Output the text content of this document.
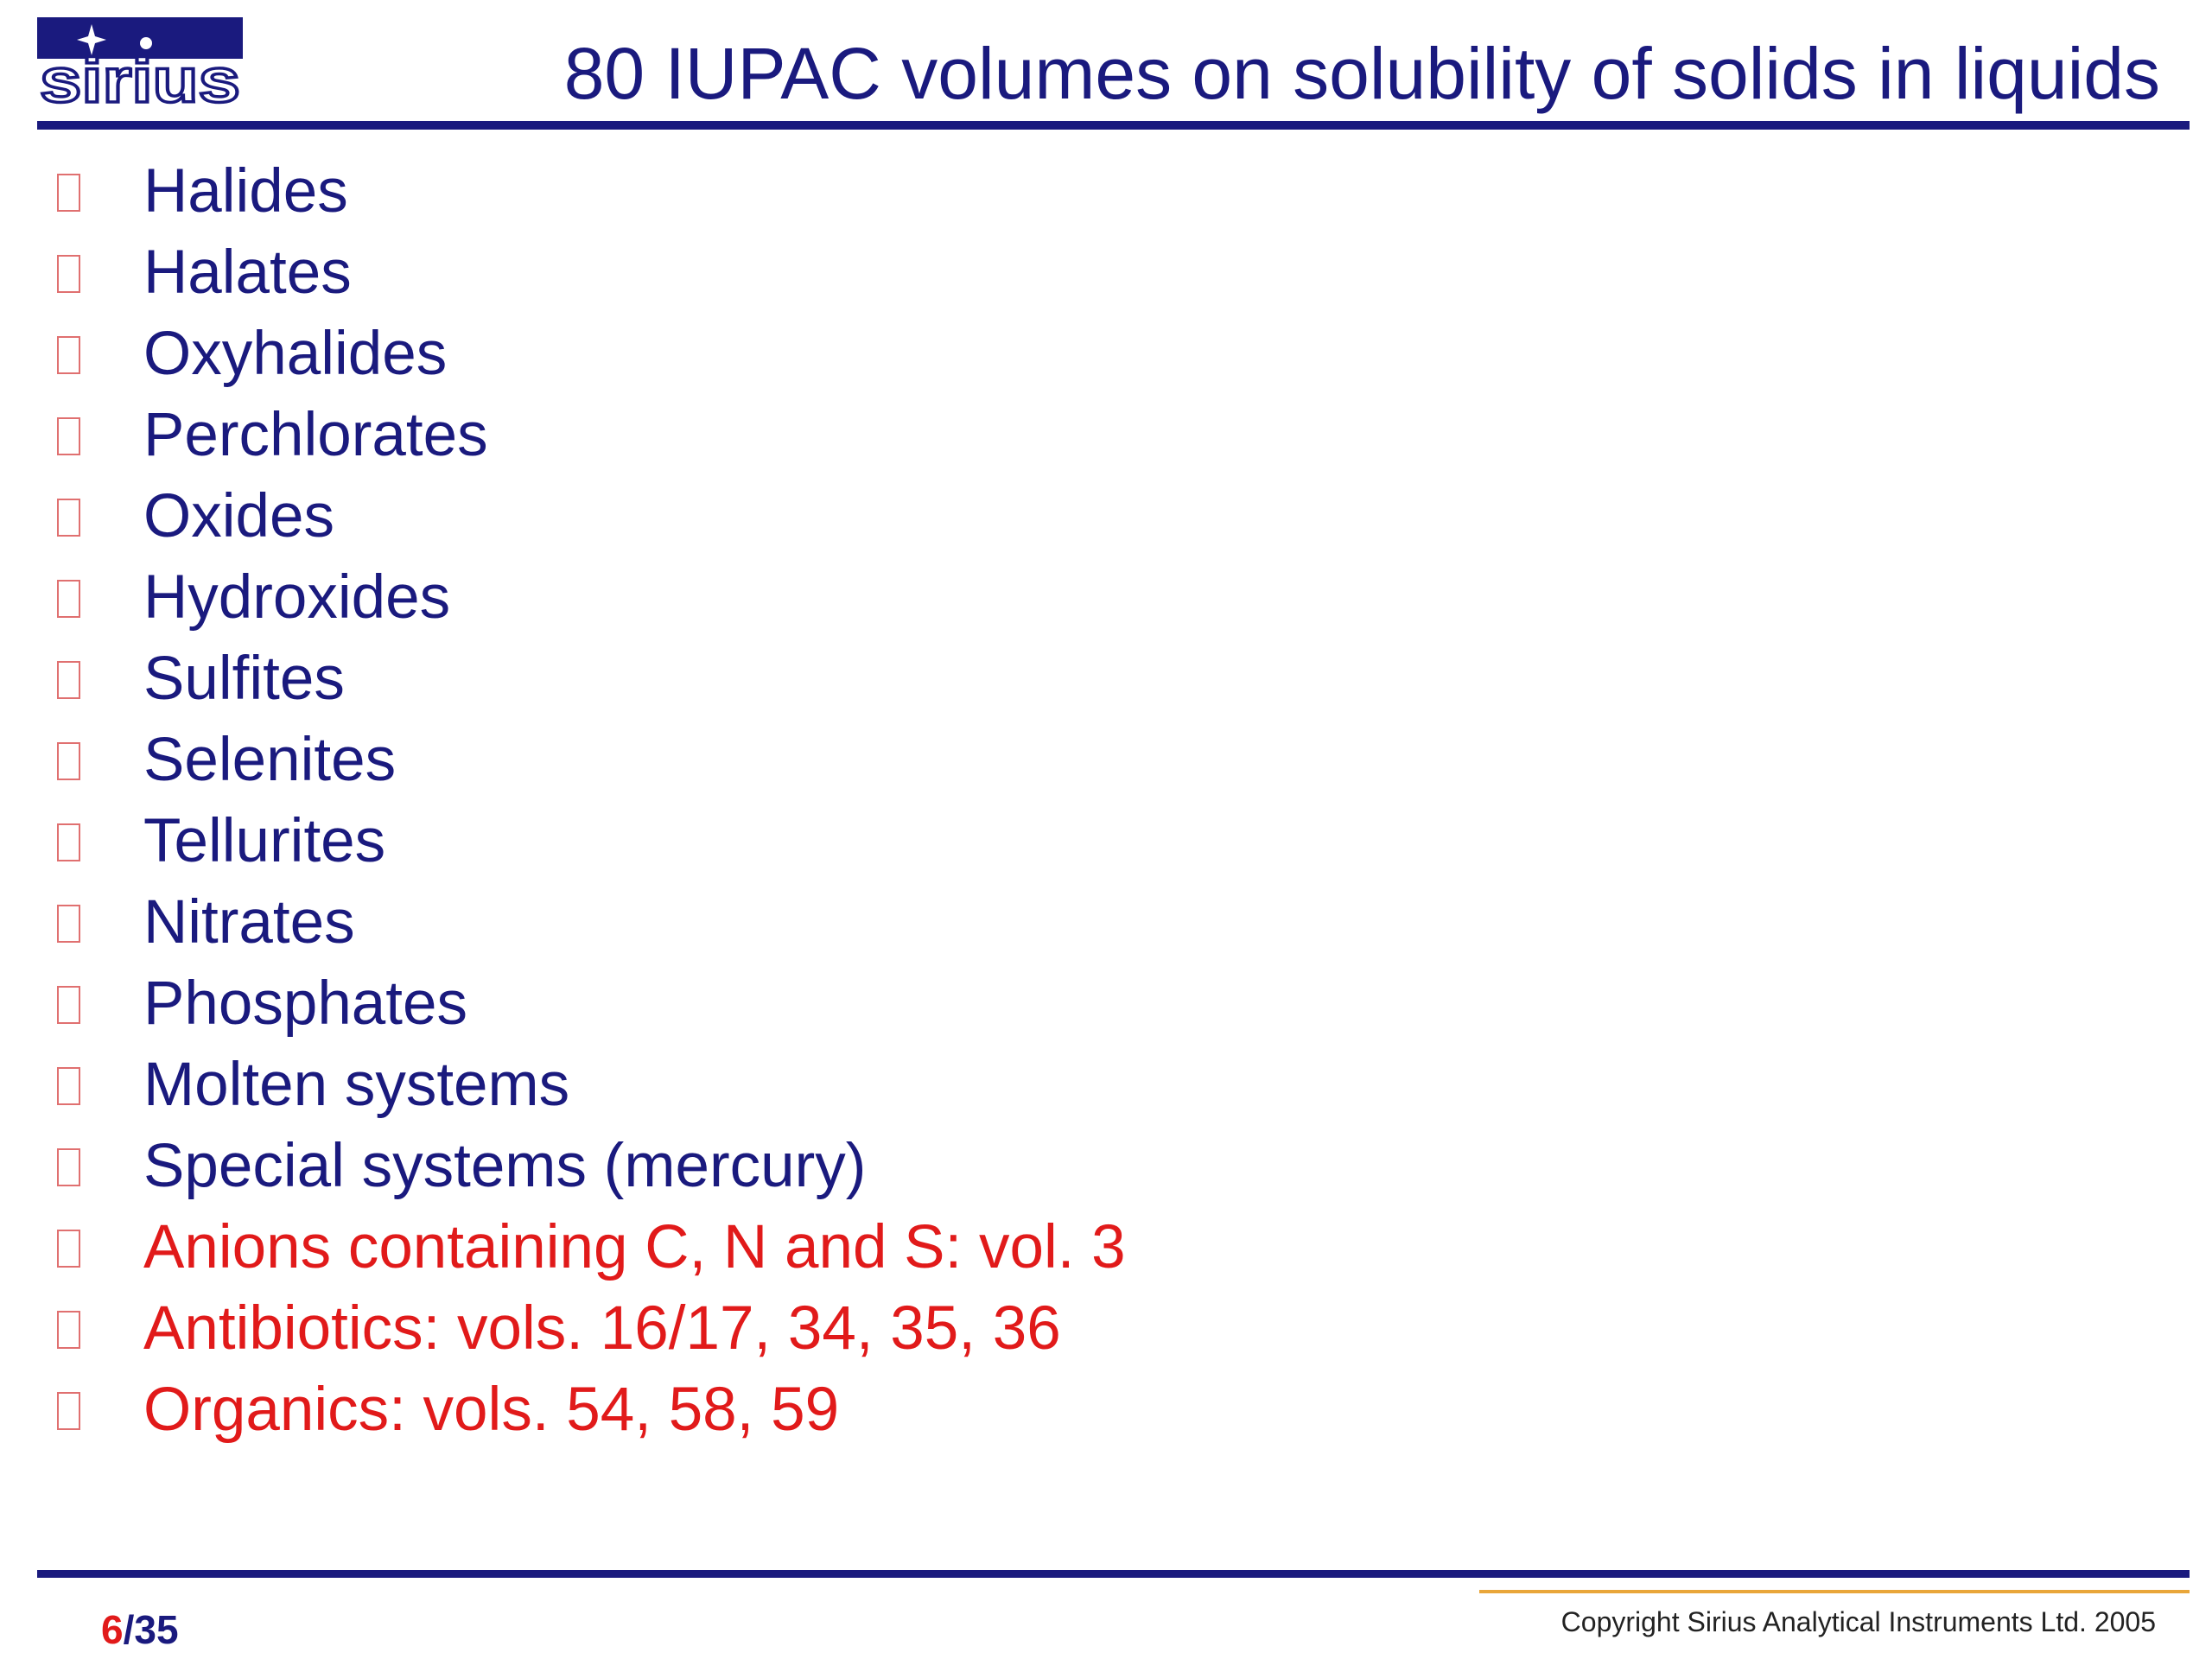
sirius	80 IUPAC volumes on solubility of solids in liquids
Halides
Halates
Oxyhalides
Perchlorates
Oxides
Hydroxides
Sulfites
Selenites
Tellurites
Nitrates
Phosphates
Molten systems
Special systems (mercury)
Anions containing C, N and S: vol. 3
Antibiotics: vols. 16/17, 34, 35, 36
Organics: vols. 54, 58, 59
6/35	Copyright Sirius Analytical Instruments Ltd. 2005
